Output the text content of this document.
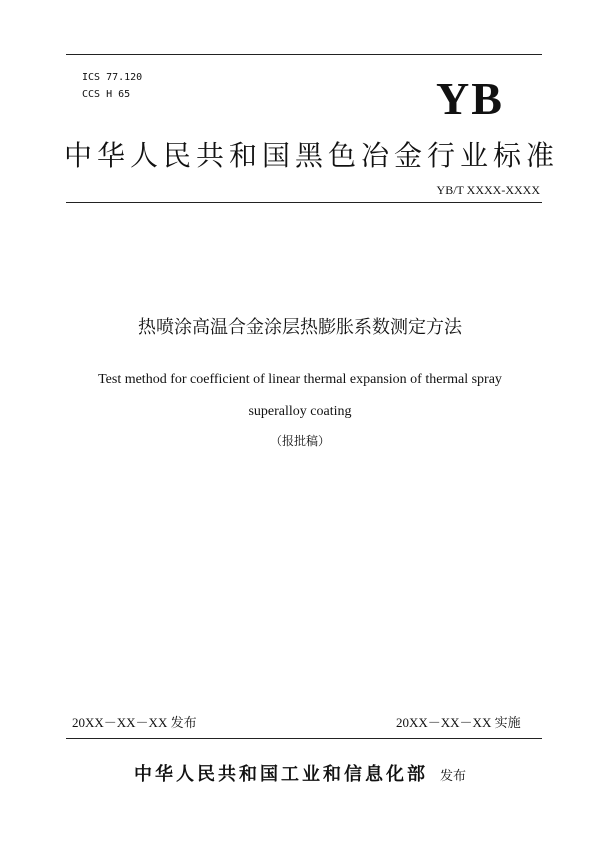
ICS 77.120
CCS H 65	YB
中华人民共和国黑色冶金行业标准
YB/T XXXX-XXXX
热喷涂高温合金涂层热膨胀系数测定方法
Test method for coefficient of linear thermal expansion of thermal spray
superalloy coating
（报批稿）
20XX－XX－XX 发布	20XX－XX－XX 实施
中华人民共和国工业和信息化部 发布
